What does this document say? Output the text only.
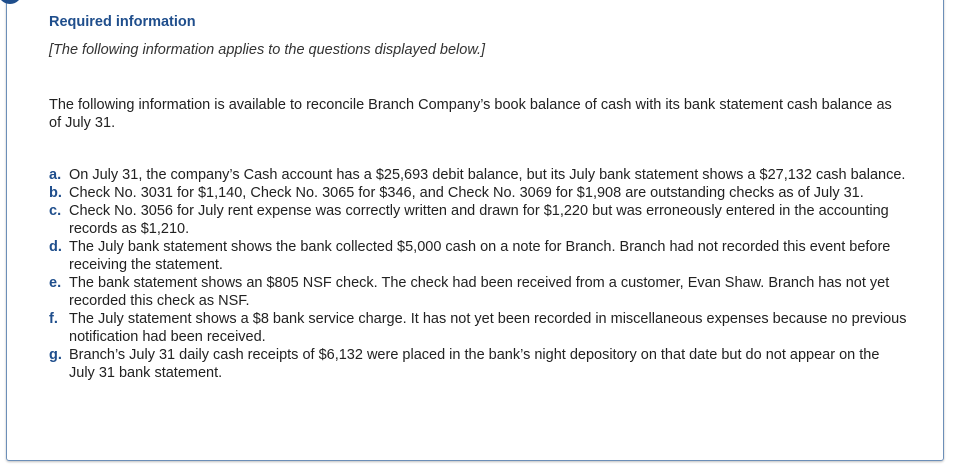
Required information
[The following information applies to the questions displayed below.]
The following information is available to reconcile Branch Company’s book balance of cash with its bank statement cash balance as of July 31.
a. On July 31, the company’s Cash account has a $25,693 debit balance, but its July bank statement shows a $27,132 cash balance.
b. Check No. 3031 for $1,140, Check No. 3065 for $346, and Check No. 3069 for $1,908 are outstanding checks as of July 31.
c. Check No. 3056 for July rent expense was correctly written and drawn for $1,220 but was erroneously entered in the accounting records as $1,210.
d. The July bank statement shows the bank collected $5,000 cash on a note for Branch. Branch had not recorded this event before receiving the statement.
e. The bank statement shows an $805 NSF check. The check had been received from a customer, Evan Shaw. Branch has not yet recorded this check as NSF.
f. The July statement shows a $8 bank service charge. It has not yet been recorded in miscellaneous expenses because no previous notification had been received.
g. Branch’s July 31 daily cash receipts of $6,132 were placed in the bank’s night depository on that date but do not appear on the July 31 bank statement.
